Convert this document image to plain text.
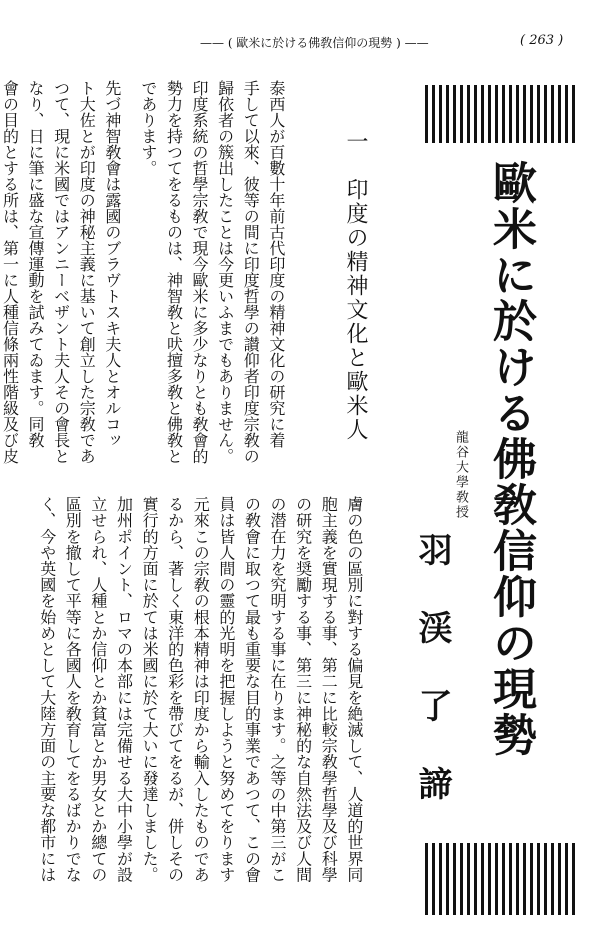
—— ( 歐米に於ける佛敎信仰の現勢 ) ——	( 263 )
歐米に於ける佛敎信仰の現勢
龍谷大學敎授
羽渓了諦

膚の色の區別に對する偏見を絶滅して、人道的世界同
胞主義を實現する事、第二に比較宗敎學哲學及び科學
の研究を奨勵する事、第三に神秘的な自然法及び人間
の潜在力を究明する事に在ります。之等の中第三がこ
の敎會に取つて最も重要な目的事業であつて、この會
員は皆人間の靈的光明を把握しようと努めてをります
元來この宗敎の根本精神は印度から輸入したものであ
るから、著しく東洋的色彩を帶びてをるが、併しその
實行的方面に於ては米國に於て大いに發達しました。
加州ポイント、ロマの本部には完備せる大中小學が設
立せられ、人種とか信仰とか貧富とか男女とか總ての
區別を撤して平等に各國人を敎育してをるばかりでな
く、今や英國を始めとして大陸方面の主要な都市には

一　印度の精神文化と歐米人

泰西人が百數十年前古代印度の精神文化の研究に着
手して以來、彼等の間に印度哲學の讃仰者印度宗敎の
歸依者の簇出したことは今更いふまでもありません。
印度系統の哲學宗敎で現今歐米に多少なりとも敎會的
勢力を持つてをるものは、神智敎と吠擅多敎と佛敎と
であります。

先づ神智敎會は露國のブラヴトスキ夫人とオルコッ
ト大佐とが印度の神秘主義に基いて創立した宗敎であ
つて、現に米國ではアンニーベザント夫人その會長と
なり、日に筆に盛な宣傳運動を試みてゐます。同敎
會の目的とする所は、第一に人種信條兩性階級及び皮
